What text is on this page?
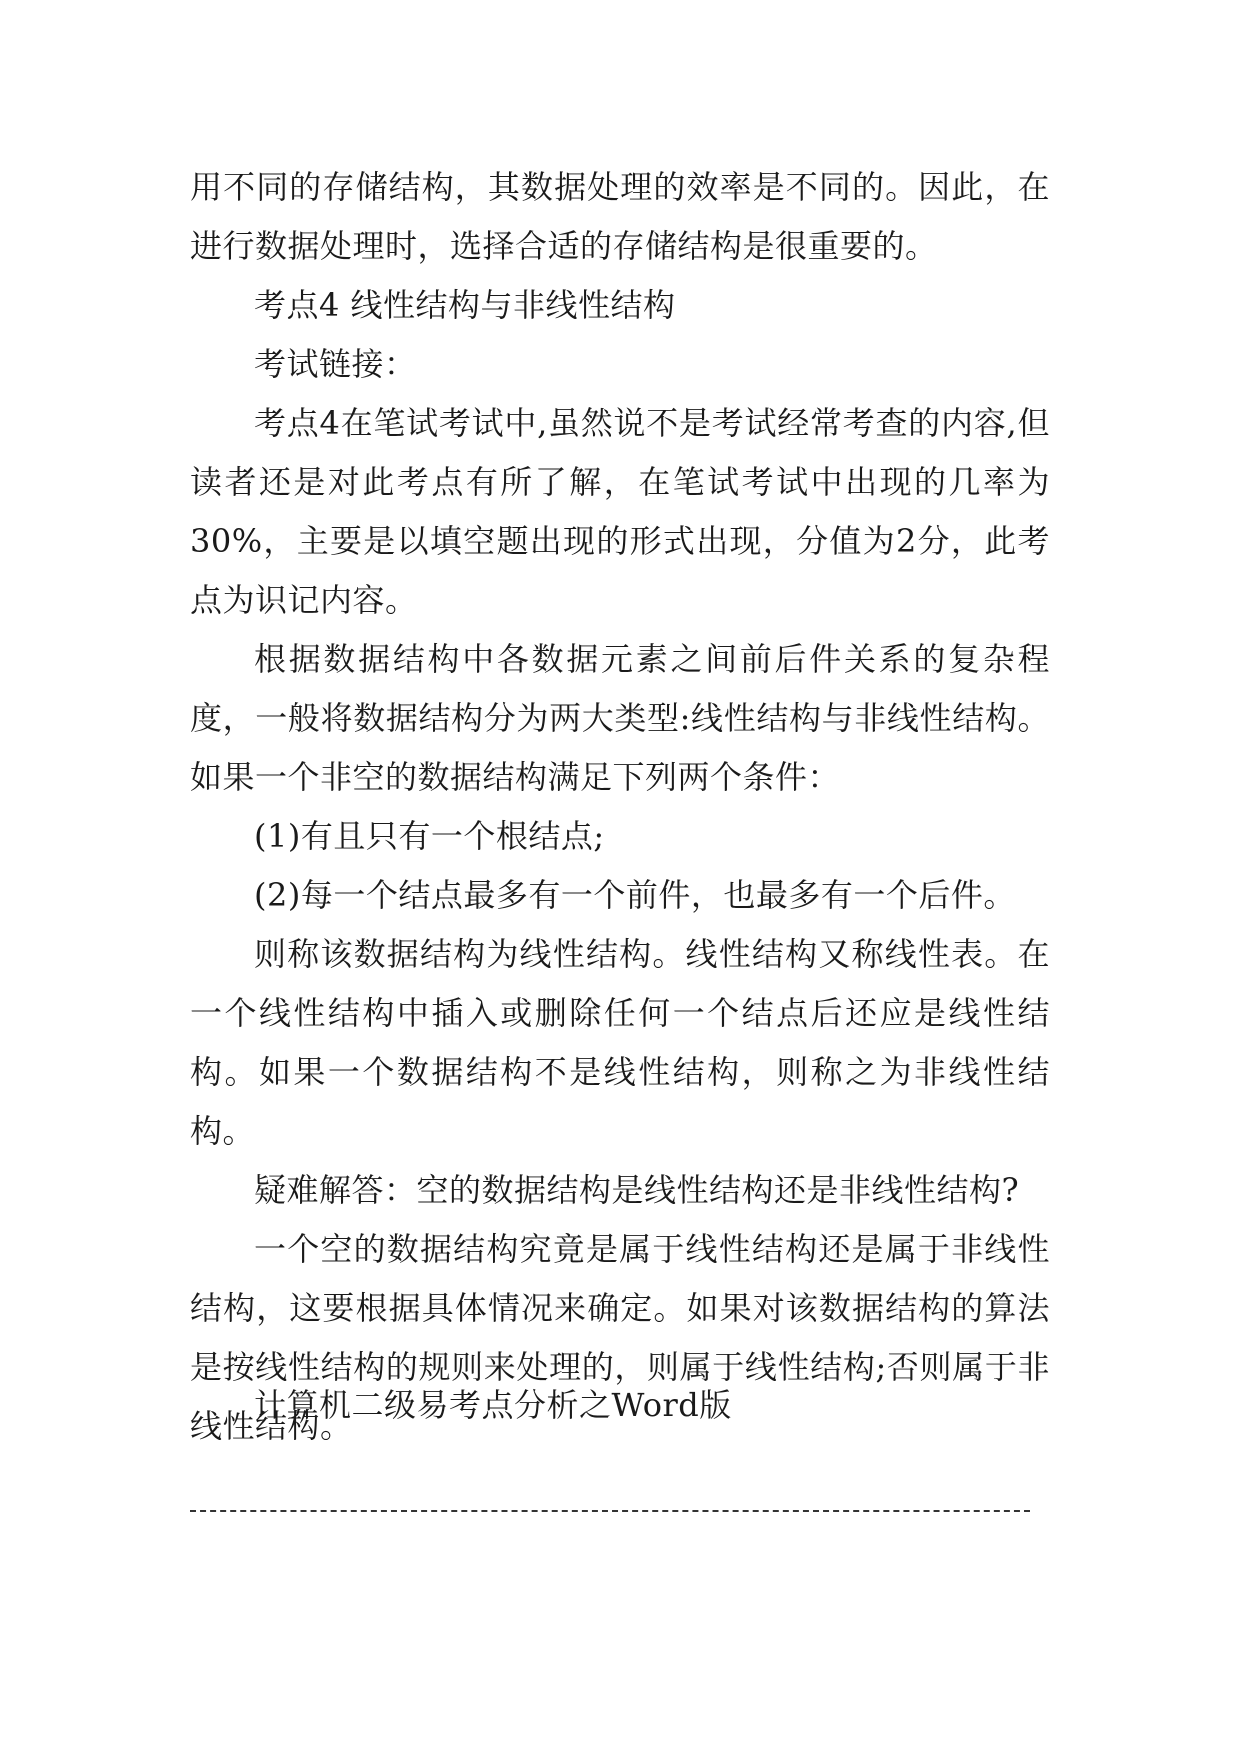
用不同的存储结构，其数据处理的效率是不同的。因此，在进行数据处理时，选择合适的存储结构是很重要的。

考点4 线性结构与非线性结构

考试链接：

考点4在笔试考试中,虽然说不是考试经常考查的内容,但读者还是对此考点有所了解，在笔试考试中出现的几率为30%，主要是以填空题出现的形式出现，分值为2分，此考点为识记内容。

根据数据结构中各数据元素之间前后件关系的复杂程度，一般将数据结构分为两大类型:线性结构与非线性结构。如果一个非空的数据结构满足下列两个条件：

(1)有且只有一个根结点;

(2)每一个结点最多有一个前件，也最多有一个后件。

则称该数据结构为线性结构。线性结构又称线性表。在一个线性结构中插入或删除任何一个结点后还应是线性结构。如果一个数据结构不是线性结构，则称之为非线性结构。

疑难解答：空的数据结构是线性结构还是非线性结构?

一个空的数据结构究竟是属于线性结构还是属于非线性结构，这要根据具体情况来确定。如果对该数据结构的算法是按线性结构的规则来处理的，则属于线性结构;否则属于非线性结构。

计算机二级易考点分析之Word版
